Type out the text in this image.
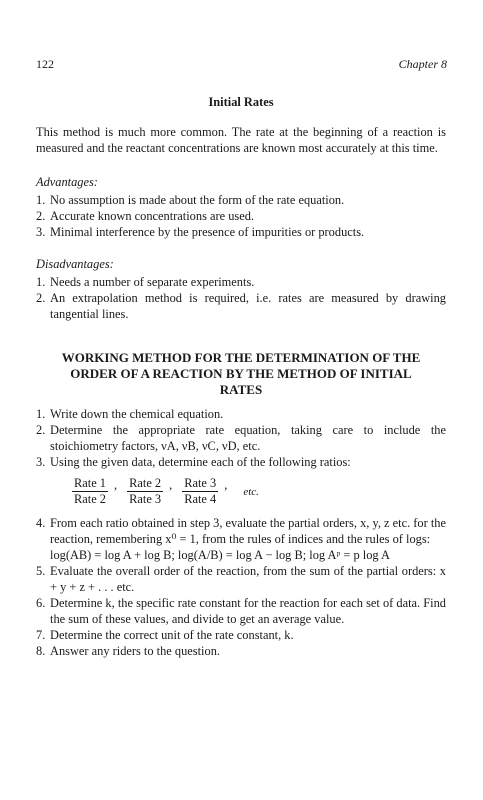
122	Chapter 8
Initial Rates

This method is much more common. The rate at the beginning of a reaction is measured and the reactant concentrations are known most accurately at this time.

Advantages:
1. No assumption is made about the form of the rate equation.
2. Accurate known concentrations are used.
3. Minimal interference by the presence of impurities or products.
Disadvantages:
1. Needs a number of separate experiments.
2. An extrapolation method is required, i.e. rates are measured by drawing tangential lines.
WORKING METHOD FOR THE DETERMINATION OF THE ORDER OF A REACTION BY THE METHOD OF INITIAL RATES
1. Write down the chemical equation.
2. Determine the appropriate rate equation, taking care to include the stoichiometry factors, νA, νB, νC, νD, etc.
3. Using the given data, determine each of the following ratios:
$\frac{\text{Rate 1}}{\text{Rate 2}}$ , $\frac{\text{Rate 2}}{\text{Rate 3}}$ , $\frac{\text{Rate 3}}{\text{Rate 4}}$ , etc.
4. From each ratio obtained in step 3, evaluate the partial orders, x, y, z etc. for the reaction, remembering x⁰ = 1, from the rules of indices and the rules of logs:
log(AB) = log A + log B; log(A/B) = log A − log B; log Aᵖ = p log A
5. Evaluate the overall order of the reaction, from the sum of the partial orders: x + y + z + . . . etc.
6. Determine k, the specific rate constant for the reaction for each set of data. Find the sum of these values, and divide to get an average value.
7. Determine the correct unit of the rate constant, k.
8. Answer any riders to the question.
